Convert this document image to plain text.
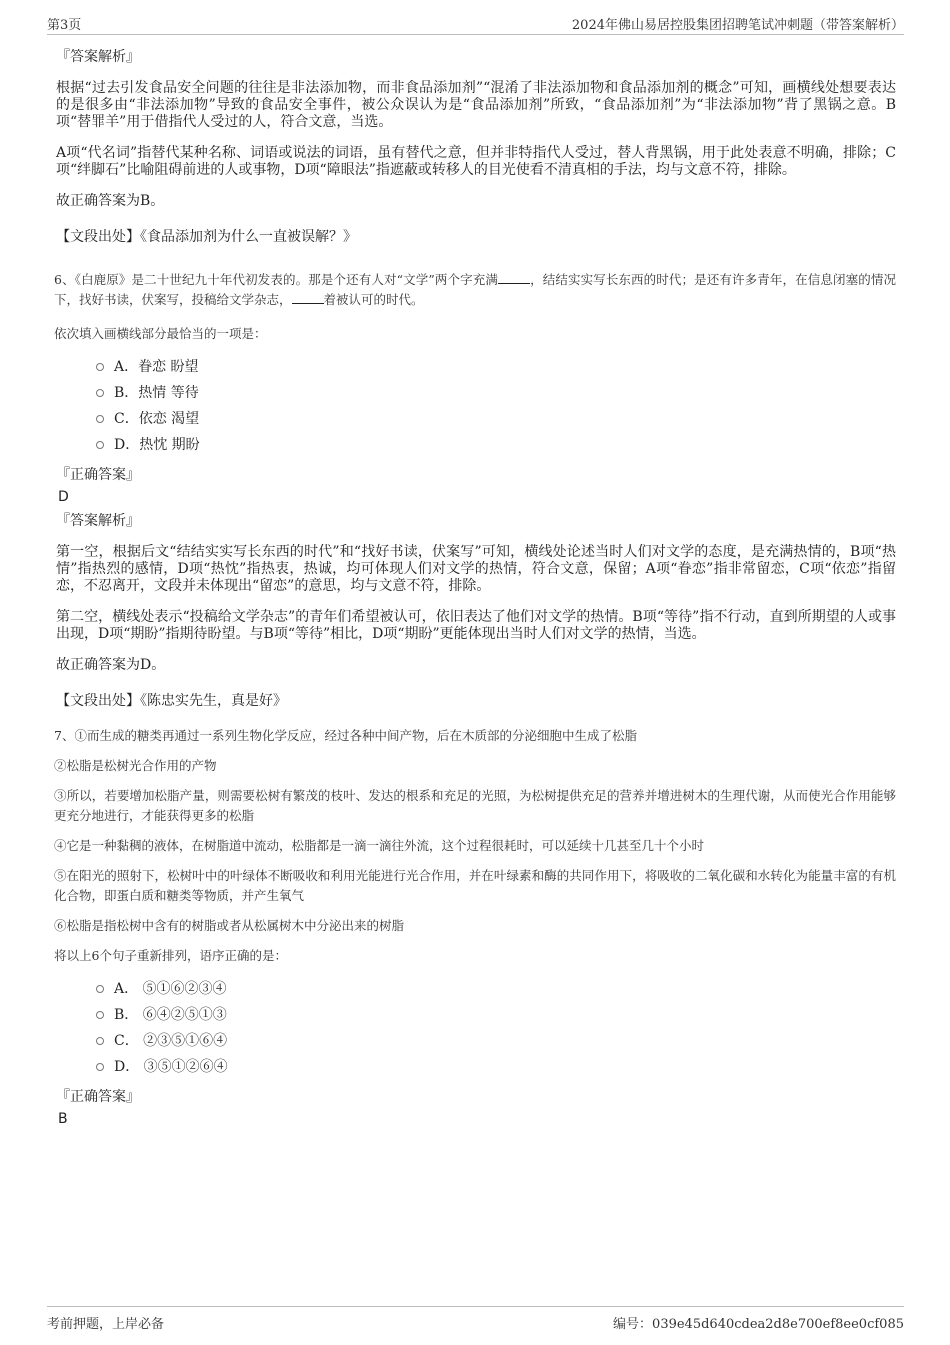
第3页	2024年佛山易居控股集团招聘笔试冲刺题（带答案解析）
『答案解析』

根据“过去引发食品安全问题的往往是非法添加物，而非食品添加剂”“混淆了非法添加物和食品添加剂的概念”可知，画横线处想要表达的是很多由“非法添加物”导致的食品安全事件，被公众误认为是“食品添加剂”所致，“食品添加剂”为“非法添加物”背了黑锅之意。B项“替罪羊”用于借指代人受过的人，符合文意，当选。

A项“代名词”指替代某种名称、词语或说法的词语，虽有替代之意，但并非特指代人受过，替人背黑锅，用于此处表意不明确，排除；C项“绊脚石”比喻阻碍前进的人或事物，D项“障眼法”指遮蔽或转移人的目光使看不清真相的手法，均与文意不符，排除。

故正确答案为B。

【文段出处】《食品添加剂为什么一直被误解？》

6、《白鹿原》是二十世纪九十年代初发表的。那是个还有人对“文学”两个字充满	，结结实实写长东西的时代；是还有许多青年，在信息闭塞的情况下，找好书读，伏案写，投稿给文学杂志，	着被认可的时代。

依次填入画横线部分最恰当的一项是：

A．眷恋 盼望
B．热情 等待
C．依恋 渴望
D．热忱 期盼
『正确答案』
D
『答案解析』

第一空，根据后文“结结实实写长东西的时代”和“找好书读，伏案写”可知，横线处论述当时人们对文学的态度，是充满热情的，B项“热情”指热烈的感情，D项“热忱”指热衷，热诚，均可体现人们对文学的热情，符合文意，保留；A项“眷恋”指非常留恋，C项“依恋”指留恋，不忍离开，文段并未体现出“留恋”的意思，均与文意不符，排除。

第二空，横线处表示“投稿给文学杂志”的青年们希望被认可，依旧表达了他们对文学的热情。B项“等待”指不行动，直到所期望的人或事出现，D项“期盼”指期待盼望。与B项“等待”相比，D项“期盼”更能体现出当时人们对文学的热情，当选。

故正确答案为D。

【文段出处】《陈忠实先生，真是好》

7、①而生成的糖类再通过一系列生物化学反应，经过各种中间产物，后在木质部的分泌细胞中生成了松脂

②松脂是松树光合作用的产物

③所以，若要增加松脂产量，则需要松树有繁茂的枝叶、发达的根系和充足的光照，为松树提供充足的营养并增进树木的生理代谢，从而使光合作用能够更充分地进行，才能获得更多的松脂

④它是一种黏稠的液体，在树脂道中流动，松脂都是一滴一滴往外流，这个过程很耗时，可以延续十几甚至几十个小时

⑤在阳光的照射下，松树叶中的叶绿体不断吸收和利用光能进行光合作用，并在叶绿素和酶的共同作用下，将吸收的二氧化碳和水转化为能量丰富的有机化合物，即蛋白质和糖类等物质，并产生氧气

⑥松脂是指松树中含有的树脂或者从松属树木中分泌出来的树脂

将以上6个句子重新排列，语序正确的是：

A． ⑤①⑥②③④
B． ⑥④②⑤①③
C． ②③⑤①⑥④
D． ③⑤①②⑥④
『正确答案』
B
考前押题，上岸必备	编号：039e45d640cdea2d8e700ef8ee0cf085
